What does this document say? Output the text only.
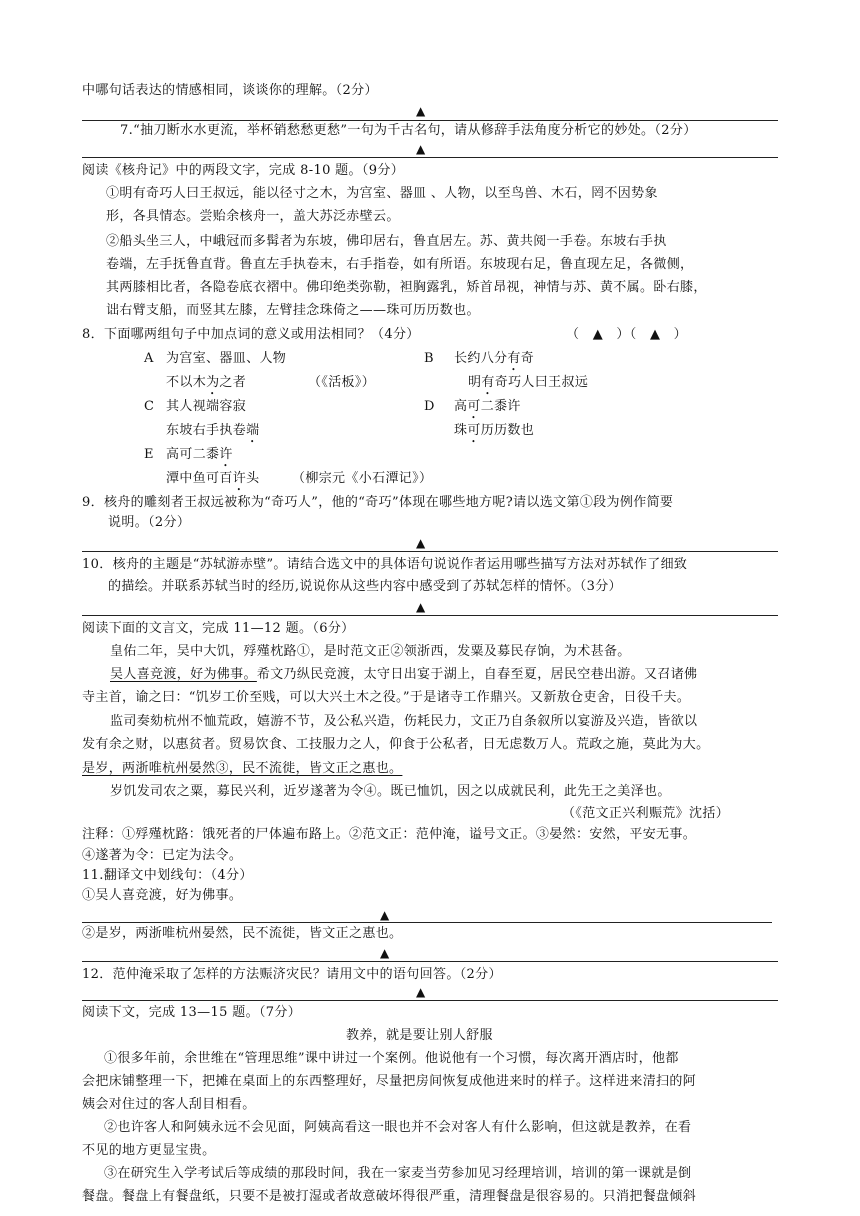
中哪句话表达的情感相同，谈谈你的理解。（2分）
▲
7.“抽刀断水水更流，举杯销愁愁更愁”一句为千古名句，请从修辞手法角度分析它的妙处。（2分）
▲
阅读《核舟记》中的两段文字，完成 8-10 题。（9分）
①明有奇巧人曰王叔远，能以径寸之木，为宫室、器皿 、人物，以至鸟兽、木石，罔不因势象
形，各具情态。尝贻余核舟一，盖大苏泛赤壁云。
②船头坐三人，中峨冠而多髯者为东坡，佛印居右，鲁直居左。苏、黄共阅一手卷。东坡右手执
卷端，左手抚鲁直背。鲁直左手执卷末，右手指卷，如有所语。东坡现右足，鲁直现左足，各微侧，
其两膝相比者，各隐卷底衣褶中。佛印绝类弥勒，袒胸露乳，矫首昂视，神情与苏、黄不属。卧右膝，
诎右臂支船，而竖其左膝，左臂挂念珠倚之——珠可历历数也。
8．下面哪两组句子中加点词的意义或用法相同？（4分）	（　▲　）（　▲　）
A 为宫室、器皿、人物
不以木为之者	（《活板》）
B 长约八分有奇
明有奇巧人曰王叔远
C 其人视端容寂
东坡右手执卷端
D 高可二黍许
珠可历历数也
E 高可二黍许
潭中鱼可百许头	（柳宗元《小石潭记》）
9．核舟的雕刻者王叔远被称为“奇巧人”，他的“奇巧”体现在哪些地方呢?请以选文第①段为例作简要
说明。（2分）
▲
10．核舟的主题是“苏轼游赤壁”。请结合选文中的具体语句说说作者运用哪些描写方法对苏轼作了细致
的描绘。并联系苏轼当时的经历,说说你从这些内容中感受到了苏轼怎样的情怀。（3分）
▲
阅读下面的文言文，完成 11—12 题。（6分）
皇佑二年，吴中大饥，殍殣枕路①，是时范文正②领浙西，发粟及募民存饷，为术甚备。
吴人喜竞渡，好为佛事。希文乃纵民竞渡，太守日出宴于湖上，自春至夏，居民空巷出游。又召诸佛
寺主首，谕之曰：“饥岁工价至贱，可以大兴土木之役。”于是诸寺工作鼎兴。又新敖仓吏舍，日役千夫。
监司奏劾杭州不恤荒政，嬉游不节，及公私兴造，伤耗民力，文正乃自条叙所以宴游及兴造，皆欲以
发有余之财，以惠贫者。贸易饮食、工技服力之人，仰食于公私者，日无虑数万人。荒政之施，莫此为大。
是岁，两浙唯杭州晏然③，民不流徙，皆文正之惠也。
岁饥发司农之粟，募民兴利，近岁遂著为令④。既已恤饥，因之以成就民利，此先王之美泽也。
（《范文正兴利赈荒》沈括）
注释：①殍殣枕路：饿死者的尸体遍布路上。②范文正：范仲淹，谥号文正。③晏然：安然，平安无事。
④遂著为令：已定为法令。
11.翻译文中划线句：（4分）
①吴人喜竞渡，好为佛事。
▲
②是岁，两浙唯杭州晏然，民不流徙，皆文正之惠也。
▲
12．范仲淹采取了怎样的方法赈济灾民？请用文中的语句回答。（2分）
▲
阅读下文，完成 13—15 题。（7分）
教养，就是要让别人舒服
①很多年前，余世维在“管理思维”课中讲过一个案例。他说他有一个习惯，每次离开酒店时，他都
会把床铺整理一下，把摊在桌面上的东西整理好，尽量把房间恢复成他进来时的样子。这样进来清扫的阿
姨会对住过的客人刮目相看。
②也许客人和阿姨永远不会见面，阿姨高看这一眼也并不会对客人有什么影响，但这就是教养，在看
不见的地方更显宝贵。
③在研究生入学考试后等成绩的那段时间，我在一家麦当劳参加见习经理培训，培训的第一课就是倒
餐盘。餐盘上有餐盘纸，只要不是被打湿或者故意破坏得很严重，清理餐盘是很容易的。只消把餐盘倾斜
